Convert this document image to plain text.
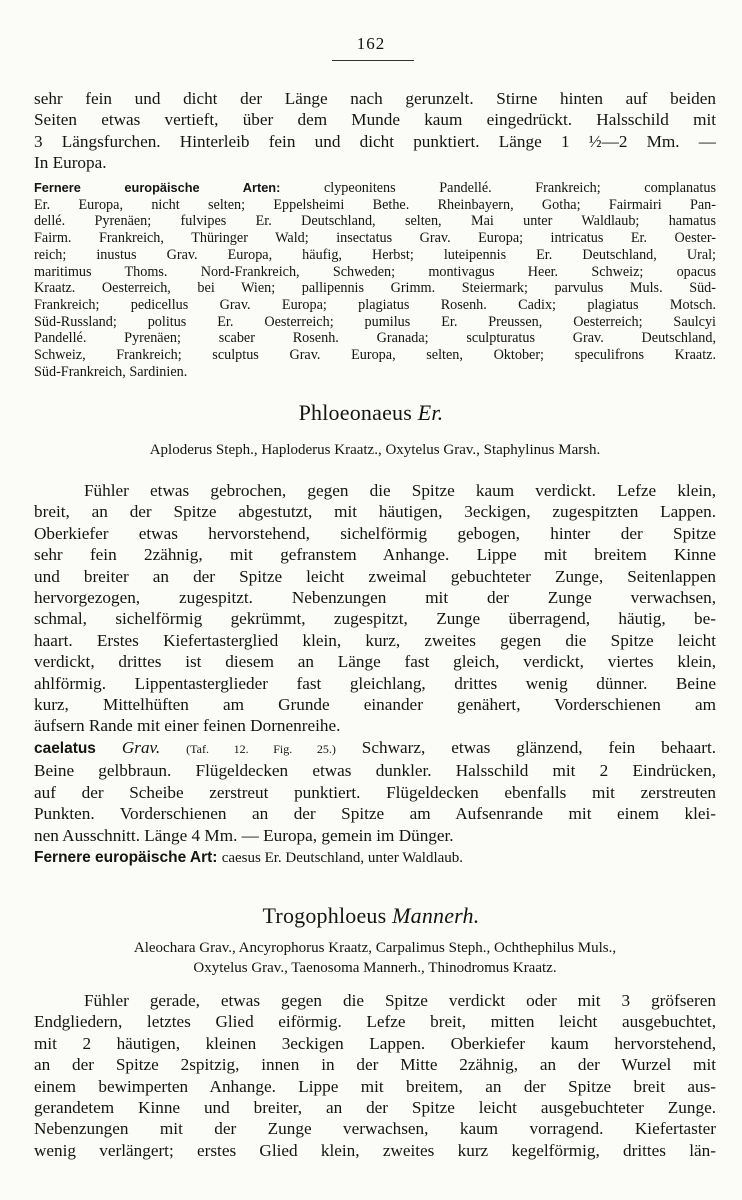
162
sehr fein und dicht der Länge nach gerunzelt. Stirne hinten auf beiden
Seiten etwas vertieft, über dem Munde kaum eingedrückt. Halsschild mit
3 Längsfurchen. Hinterleib fein und dicht punktiert. Länge 1 ½—2 Mm. —
In Europa.
Fernere europäische Arten:	clypeonitens Pandellé. Frankreich; complanatus
Er. Europa, nicht selten; Eppelsheimi Bethe. Rheinbayern, Gotha; Fairmairi Pan-
dellé. Pyrenäen; fulvipes Er. Deutschland, selten, Mai unter Waldlaub; hamatus
Fairm. Frankreich, Thüringer Wald; insectatus Grav. Europa; intricatus Er. Oester-
reich; inustus Grav. Europa, häufig, Herbst; luteipennis Er. Deutschland, Ural;
maritimus Thoms. Nord-Frankreich, Schweden; montivagus Heer. Schweiz; opacus
Kraatz. Oesterreich, bei Wien; pallipennis Grimm. Steiermark; parvulus Muls. Süd-
Frankreich; pedicellus Grav. Europa; plagiatus Rosenh. Cadix; plagiatus Motsch.
Süd-Russland; politus Er. Oesterreich; pumilus Er. Preussen, Oesterreich; Saulcyi
Pandellé. Pyrenäen; scaber Rosenh. Granada; sculpturatus Grav. Deutschland,
Schweiz, Frankreich; sculptus Grav. Europa, selten, Oktober; speculifrons Kraatz.
Süd-Frankreich, Sardinien.
Phloeonaeus Er.
Aploderus Steph., Haploderus Kraatz., Oxytelus Grav., Staphylinus Marsh.
Fühler etwas gebrochen, gegen die Spitze kaum verdickt. Lefze klein,
breit, an der Spitze abgestutzt, mit häutigen, 3eckigen, zugespitzten Lappen.
Oberkiefer etwas hervorstehend, sichelförmig gebogen, hinter der Spitze
sehr fein 2zähnig, mit gefranstem Anhange. Lippe mit breitem Kinne
und breiter an der Spitze leicht zweimal gebuchteter Zunge, Seitenlappen
hervorgezogen, zugespitzt. Nebenzungen mit der Zunge verwachsen,
schmal, sichelförmig gekrümmt, zugespitzt, Zunge überragend, häutig, be-
haart. Erstes Kiefertasterglied klein, kurz, zweites gegen die Spitze leicht
verdickt, drittes ist diesem an Länge fast gleich, verdickt, viertes klein,
ahlförmig. Lippentasterglieder fast gleichlang, drittes wenig dünner. Beine
kurz, Mittelhüften am Grunde einander genähert, Vorderschienen am
äufsern Rande mit einer feinen Dornenreihe.
caelatus Grav. (Taf. 12. Fig. 25.) Schwarz, etwas glänzend, fein behaart.
Beine gelbbraun. Flügeldecken etwas dunkler. Halsschild mit 2 Eindrücken,
auf der Scheibe zerstreut punktiert. Flügeldecken ebenfalls mit zerstreuten
Punkten. Vorderschienen an der Spitze am Aufsenrande mit einem klei-
nen Ausschnitt. Länge 4 Mm. — Europa, gemein im Dünger.
Fernere europäische Art: caesus Er. Deutschland, unter Waldlaub.
Trogophloeus Mannerh.
Aleochara Grav., Ancyrophorus Kraatz, Carpalimus Steph., Ochthephilus Muls.,
Oxytelus Grav., Taenosoma Mannerh., Thinodromus Kraatz.
Fühler gerade, etwas gegen die Spitze verdickt oder mit 3 gröfseren
Endgliedern, letztes Glied eiförmig. Lefze breit, mitten leicht ausgebuchtet,
mit 2 häutigen, kleinen 3eckigen Lappen. Oberkiefer kaum hervorstehend,
an der Spitze 2spitzig, innen in der Mitte 2zähnig, an der Wurzel mit
einem bewimperten Anhange. Lippe mit breitem, an der Spitze breit aus-
gerandetem Kinne und breiter, an der Spitze leicht ausgebuchteter Zunge.
Nebenzungen mit der Zunge verwachsen, kaum vorragend. Kiefertaster
wenig verlängert; erstes Glied klein, zweites kurz kegelförmig, drittes län-
